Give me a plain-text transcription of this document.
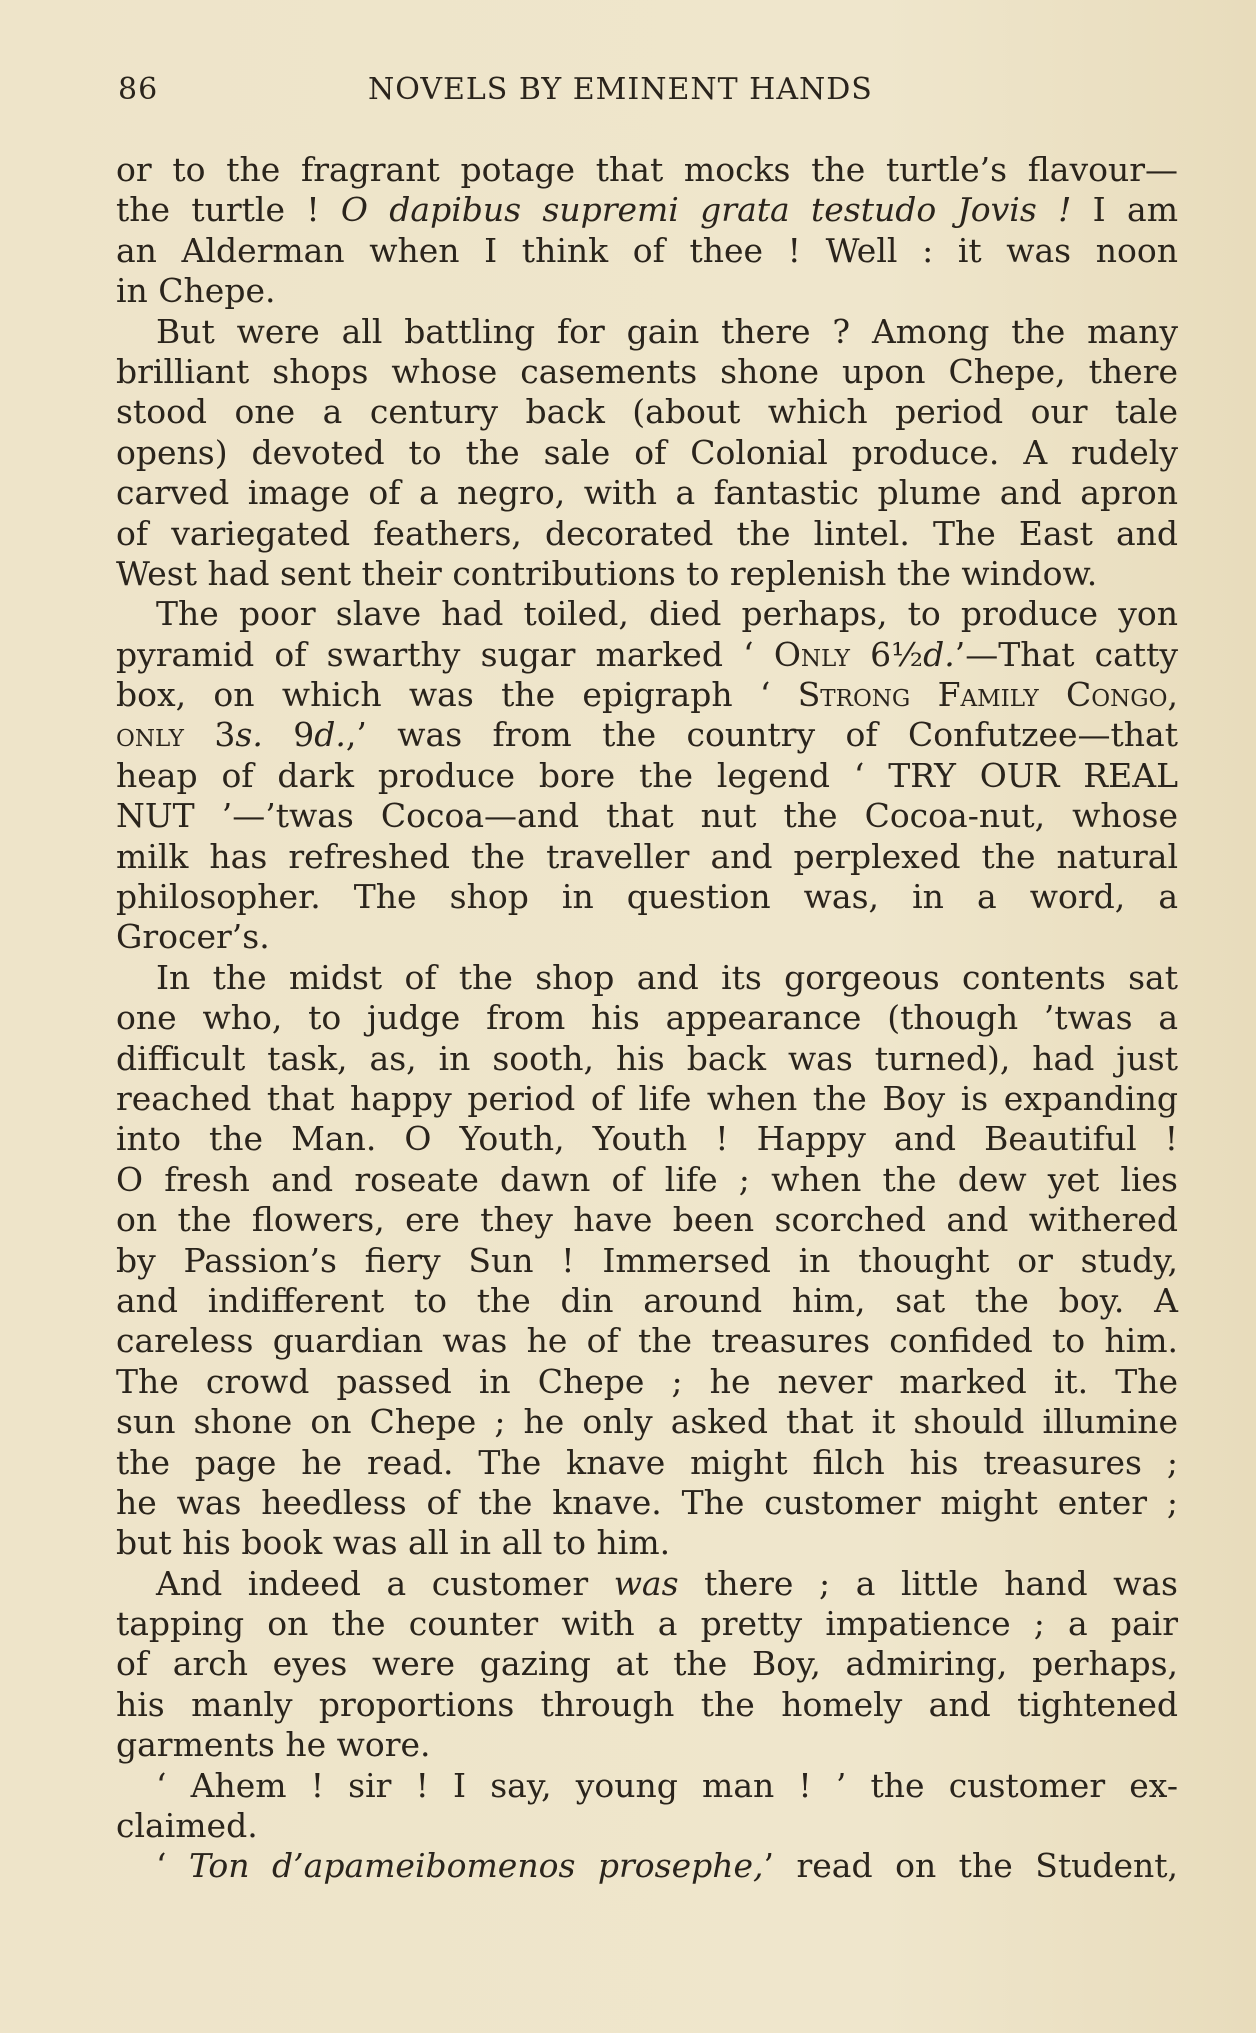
86	NOVELS BY EMINENT HANDS
or to the fragrant potage that mocks the turtle’s flavour—
the turtle ! O dapibus supremi grata testudo Jovis ! I am
an Alderman when I think of thee ! Well : it was noon
in Chepe.
But were all battling for gain there ? Among the many
brilliant shops whose casements shone upon Chepe, there
stood one a century back (about which period our tale
opens) devoted to the sale of Colonial produce. A rudely
carved image of a negro, with a fantastic plume and apron
of variegated feathers, decorated the lintel. The East and
West had sent their contributions to replenish the window.
The poor slave had toiled, died perhaps, to produce yon
pyramid of swarthy sugar marked ‘ Only 6½d.’—That catty
box, on which was the epigraph ‘ Strong Family Congo,
only 3s. 9d.,’ was from the country of Confutzee—that
heap of dark produce bore the legend ‘ TRY OUR REAL
NUT ’—’twas Cocoa—and that nut the Cocoa-nut, whose
milk has refreshed the traveller and perplexed the natural
philosopher. The shop in question was, in a word, a
Grocer’s.
In the midst of the shop and its gorgeous contents sat
one who, to judge from his appearance (though ’twas a
difficult task, as, in sooth, his back was turned), had just
reached that happy period of life when the Boy is expanding
into the Man. O Youth, Youth ! Happy and Beautiful !
O fresh and roseate dawn of life ; when the dew yet lies
on the flowers, ere they have been scorched and withered
by Passion’s fiery Sun ! Immersed in thought or study,
and indifferent to the din around him, sat the boy. A
careless guardian was he of the treasures confided to him.
The crowd passed in Chepe ; he never marked it. The
sun shone on Chepe ; he only asked that it should illumine
the page he read. The knave might filch his treasures ;
he was heedless of the knave. The customer might enter ;
but his book was all in all to him.
And indeed a customer was there ; a little hand was
tapping on the counter with a pretty impatience ; a pair
of arch eyes were gazing at the Boy, admiring, perhaps,
his manly proportions through the homely and tightened
garments he wore.
‘ Ahem ! sir ! I say, young man ! ’ the customer ex-
claimed.
‘ Ton d’apameibomenos prosephe,’ read on the Student,
